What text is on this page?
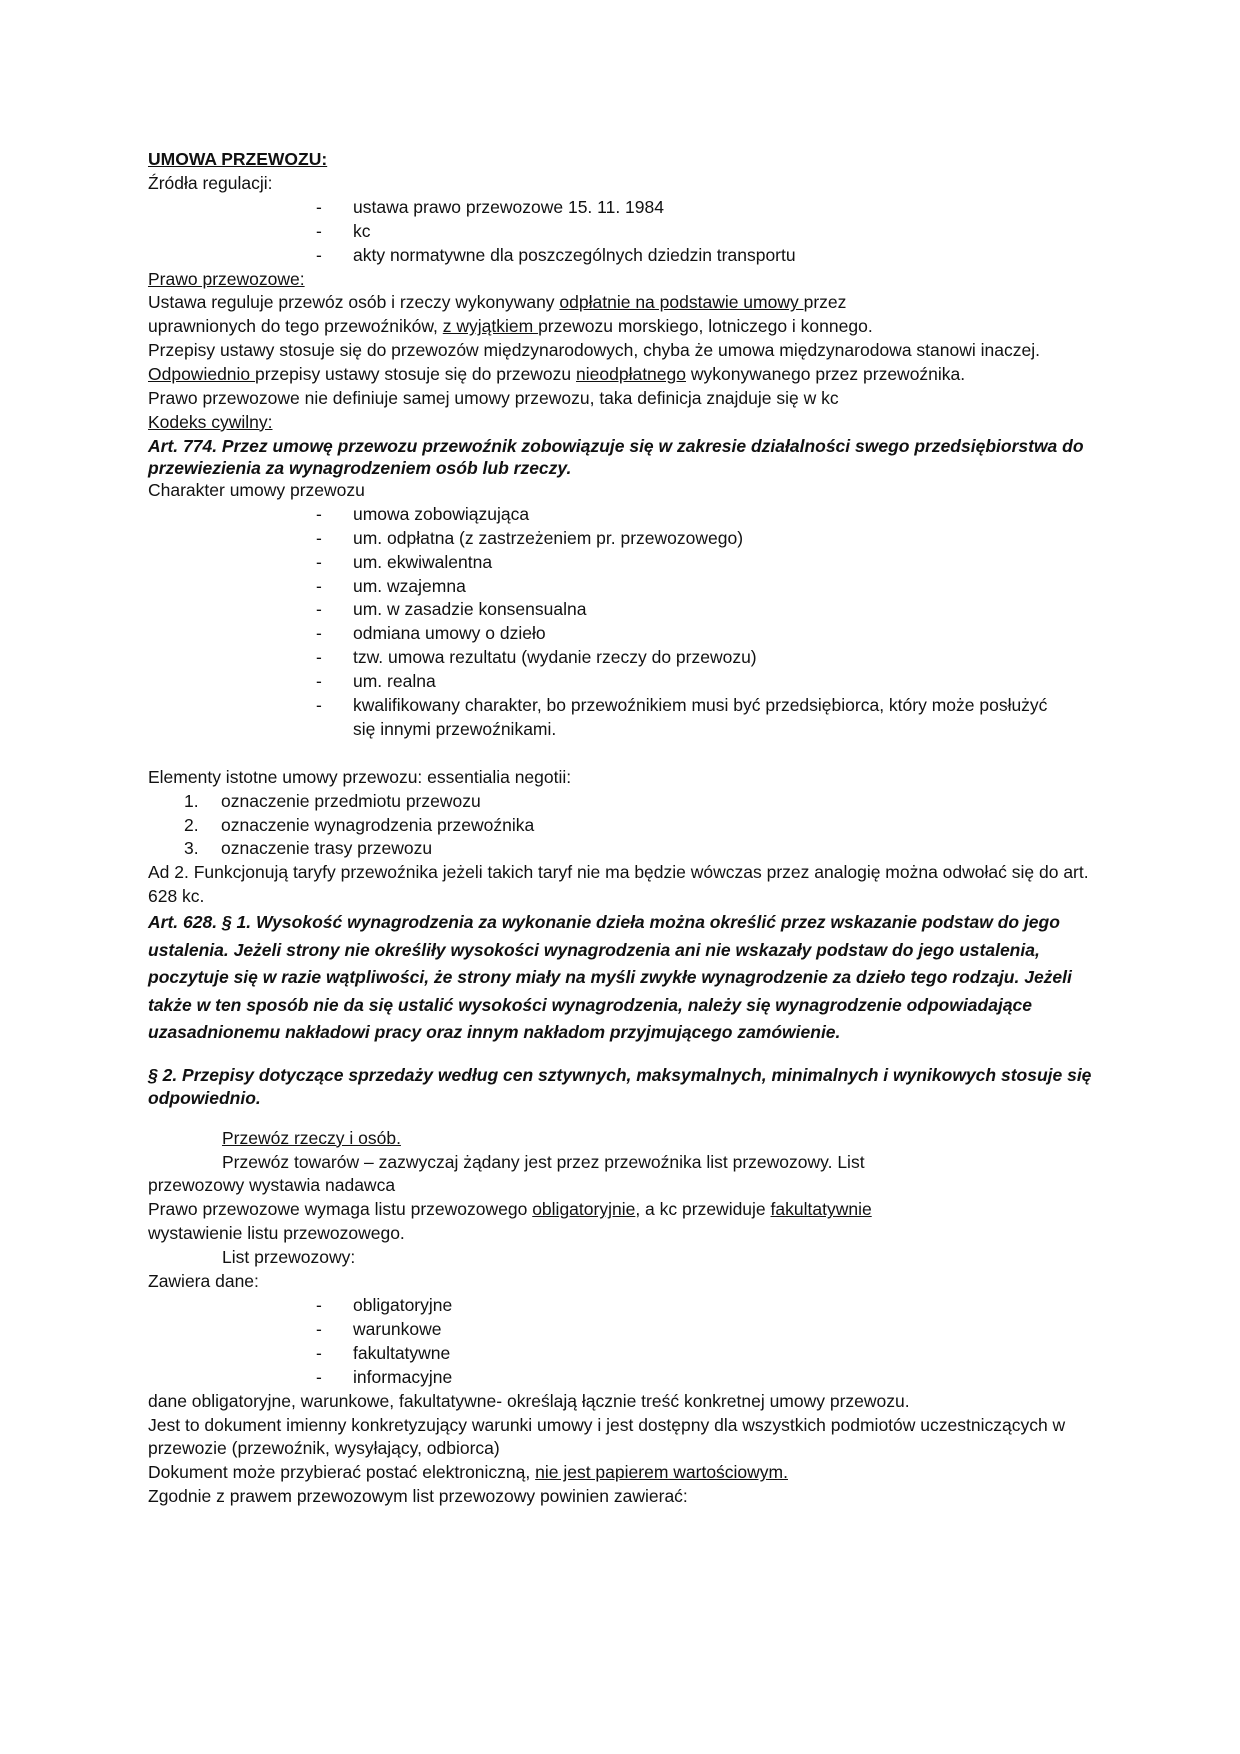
UMOWA PRZEWOZU:
Źródła regulacji:
-	ustawa prawo przewozowe 15. 11. 1984
-	kc
-	akty normatywne dla poszczególnych dziedzin transportu
Prawo przewozowe:
Ustawa reguluje przewóz osób i rzeczy wykonywany odpłatnie na podstawie umowy przez
uprawnionych do tego przewoźników, z wyjątkiem przewozu morskiego, lotniczego i konnego.
Przepisy ustawy stosuje się do przewozów międzynarodowych, chyba że umowa międzynarodowa stanowi inaczej.
Odpowiednio przepisy ustawy stosuje się do przewozu nieodpłatnego wykonywanego przez przewoźnika.
Prawo przewozowe nie definiuje samej umowy przewozu, taka definicja znajduje się w kc
Kodeks cywilny:
Art. 774. Przez umowę przewozu przewoźnik zobowiązuje się w zakresie działalności swego przedsiębiorstwa do przewiezienia za wynagrodzeniem osób lub rzeczy.
Charakter umowy przewozu
-	umowa zobowiązująca
-	um. odpłatna (z zastrzeżeniem pr. przewozowego)
-	um. ekwiwalentna
-	um. wzajemna
-	um. w zasadzie konsensualna
-	odmiana umowy o dzieło
-	tzw. umowa rezultatu (wydanie rzeczy do przewozu)
-	um. realna
-	kwalifikowany charakter, bo przewoźnikiem musi być przedsiębiorca, który może posłużyć się innymi przewoźnikami.
Elementy istotne umowy przewozu: essentialia negotii:
1.	oznaczenie przedmiotu przewozu
2.	oznaczenie wynagrodzenia przewoźnika
3.	oznaczenie trasy przewozu
Ad 2. Funkcjonują taryfy przewoźnika jeżeli takich taryf nie ma będzie wówczas przez analogię można odwołać się do art. 628 kc.
Art. 628. § 1. Wysokość wynagrodzenia za wykonanie dzieła można określić przez wskazanie podstaw do jego ustalenia. Jeżeli strony nie określiły wysokości wynagrodzenia ani nie wskazały podstaw do jego ustalenia, poczytuje się w razie wątpliwości, że strony miały na myśli zwykłe wynagrodzenie za dzieło tego rodzaju. Jeżeli także w ten sposób nie da się ustalić wysokości wynagrodzenia, należy się wynagrodzenie odpowiadające uzasadnionemu nakładowi pracy oraz innym nakładom przyjmującego zamówienie.
§ 2. Przepisy dotyczące sprzedaży według cen sztywnych, maksymalnych, minimalnych i wynikowych stosuje się odpowiednio.
Przewóz rzeczy i osób.
Przewóz towarów – zazwyczaj żądany jest przez przewoźnika list przewozowy. List
przewozowy wystawia nadawca
Prawo przewozowe wymaga listu przewozowego obligatoryjnie, a kc przewiduje fakultatywnie
wystawienie listu przewozowego.
List przewozowy:
Zawiera dane:
-	obligatoryjne
-	warunkowe
-	fakultatywne
-	informacyjne
dane obligatoryjne, warunkowe, fakultatywne- określają łącznie treść konkretnej umowy przewozu.
Jest to dokument imienny konkretyzujący warunki umowy i jest dostępny dla wszystkich podmiotów uczestniczących w przewozie (przewoźnik, wysyłający, odbiorca)
Dokument może przybierać postać elektroniczną, nie jest papierem wartościowym.
Zgodnie z prawem przewozowym list przewozowy powinien zawierać:
